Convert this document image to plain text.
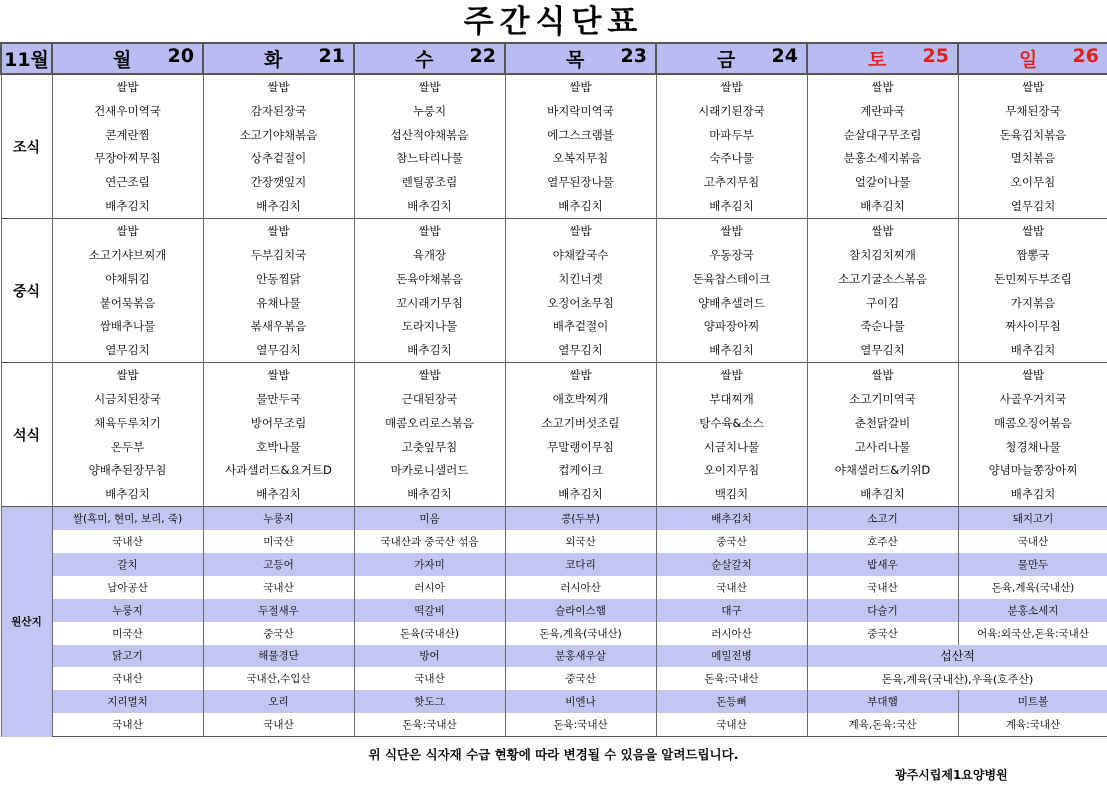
주간식단표
11월	월 20	화 21	수 22	목 23	금 24	토 25	일 26

조식	쌀밥	쌀밥	쌀밥	쌀밥	쌀밥	쌀밥	쌀밥
	건새우미역국	감자된장국	누룽지	바지락미역국	시래기된장국	계란파국	무채된장국
	콘계란찜	소고기야채볶음	섭산적야채볶음	에그스크램블	마파두부	순살대구무조림	돈육김치볶음
	무장아찌무침	상추겉절이	참느타리나물	오복지무침	숙주나물	분홍소세지볶음	멸치볶음
	연근조림	간장깻잎지	렌틸콩조림	열무된장나물	고추지무침	얼갈이나물	오이무침
	배추김치	배추김치	배추김치	배추김치	배추김치	배추김치	열무김치
중식	쌀밥	쌀밥	쌀밥	쌀밥	쌀밥	쌀밥	쌀밥
	소고기샤브찌개	두부김치국	육개장	야채칼국수	우동장국	참치김치찌개	짬뽕국
	야채튀김	안동찜닭	돈육야채볶음	치킨너겟	돈육찹스테이크	소고기굴소스볶음	돈민찌두부조림
	붙어묵볶음	유채나물	꼬시래기무침	오징어초무침	양배추샐러드	구이김	가지볶음
	쌈배추나물	볶새우볶음	도라지나물	배추겉절이	양파장아찌	죽순나물	짜사이무침
	열무김치	열무김치	배추김치	열무김치	배추김치	열무김치	배추김치
석식	쌀밥	쌀밥	쌀밥	쌀밥	쌀밥	쌀밥	쌀밥
	시금치된장국	물만두국	근대된장국	애호박찌개	부대찌개	소고기미역국	사골우거지국
	채육두루치기	방어무조림	매콤오리로스볶음	소고기버섯조림	탕수육&소스	춘천닭갈비	매콤오징어볶음
	온두부	호박나물	고춧잎무침	무말랭이무침	시금치나물	고사리나물	청경채나물
	양배추된장무침	사과샐러드&요거트D	마카로니샐러드	컵케이크	오이지무침	야채샐러드&키위D	양념마늘쫑장아찌
	배추김치	배추김치	배추김치	배추김치	백김치	배추김치	배추김치
원산지	쌀(흑미, 현미, 보리, 죽)	누룽지	미음	콩(두부)	배추김치	소고기	돼지고기
	국내산	미국산	국내산과 중국산 섞음	외국산	중국산	호주산	국내산
	갈치	고등어	가자미	코다리	순살갈치	밥새우	물만두
	남아공산	국내산	러시아	러시아산	국내산	국내산	돈육,계육(국내산)
	누룽지	두절새우	떡갈비	슬라이스햄	대구	다슬기	분홍소세지
	미국산	중국산	돈육(국내산)	돈육,계육(국내산)	러시아산	중국산	어육:외국산,돈육:국내산
	닭고기	해물경단	방어	분홍새우살	메밀전병	섭산적	
	국내산	국내산,수입산	국내산	중국산	돈육:국내산	돈육,계육(국내산),우육(호주산)	
	지리멸치	오리	핫도그	비엔나	돈등뼈	부대햄	미트볼
	국내산	국내산	돈육:국내산	돈육:국내산	국내산	계육,돈육:국산	계육:국내산
위 식단은 식자재 수급 현황에 따라 변경될 수 있음을 알려드립니다.
광주시립제1요양병원
